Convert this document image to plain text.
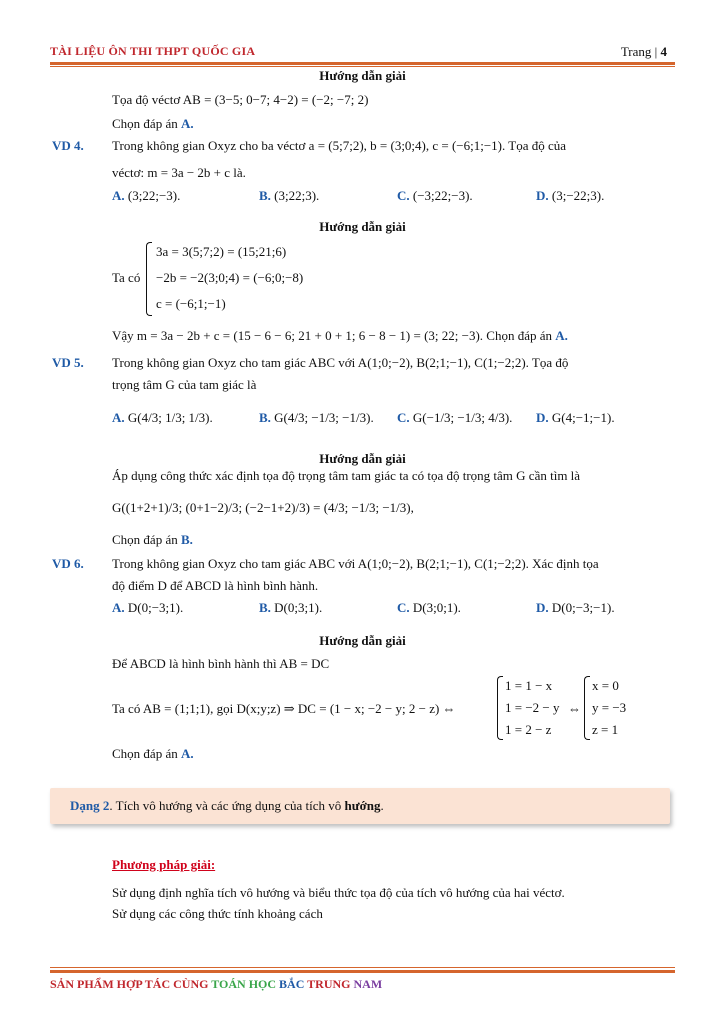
TÀI LIỆU ÔN THI THPT QUỐC GIA	Trang | 4
Hướng dẫn giải
Tọa độ véctơ AB = (3−5; 0−7; 4−2) = (−2; −7; 2)
Chọn đáp án A.
VD 4. Trong không gian Oxyz cho ba véctơ a = (5;7;2), b = (3;0;4), c = (−6;1;−1). Tọa độ của
véctơ: m = 3a − 2b + c là.
A. (3;22;−3).	B. (3;22;3).	C. (−3;22;−3).	D. (3;−22;3).
Hướng dẫn giải
Ta có
3a = 3(5;7;2) = (15;21;6)
−2b = −2(3;0;4) = (−6;0;−8)
c = (−6;1;−1)
Vậy m = 3a − 2b + c = (15 − 6 − 6; 21 + 0 + 1; 6 − 8 − 1) = (3; 22; −3). Chọn đáp án A.
VD 5. Trong không gian Oxyz cho tam giác ABC với A(1;0;−2), B(2;1;−1), C(1;−2;2). Tọa độ
trọng tâm G của tam giác là
A. G(4/3; 1/3; 1/3).	B. G(4/3; −1/3; −1/3). C. G(−1/3; −1/3; 4/3). D. G(4;−1;−1).
Hướng dẫn giải
Áp dụng công thức xác định tọa độ trọng tâm tam giác ta có tọa độ trọng tâm G cần tìm là
G((1+2+1)/3; (0+1−2)/3; (−2−1+2)/3) = (4/3; −1/3; −1/3),
Chọn đáp án B.
VD 6. Trong không gian Oxyz cho tam giác ABC với A(1;0;−2), B(2;1;−1), C(1;−2;2). Xác định tọa
độ điểm D để ABCD là hình bình hành.
A. D(0;−3;1).	B. D(0;3;1).	C. D(3;0;1).	D. D(0;−3;−1).
Hướng dẫn giải
Để ABCD là hình bình hành thì AB = DC
Ta có AB = (1;1;1), gọi D(x;y;z) ⇒ DC = (1 − x; −2 − y; 2 − z) ⇔
1 = 1 − x
1 = −2 − y
1 = 2 − z
⇔
x = 0
y = −3
z = 1
Chọn đáp án A.
Dạng 2. Tích vô hướng và các ứng dụng của tích vô hướng.
Phương pháp giải:
Sử dụng định nghĩa tích vô hướng và biểu thức tọa độ của tích vô hướng của hai véctơ.
Sử dụng các công thức tính khoảng cách
SẢN PHẨM HỢP TÁC CÙNG TOÁN HỌC BẮC TRUNG NAM
